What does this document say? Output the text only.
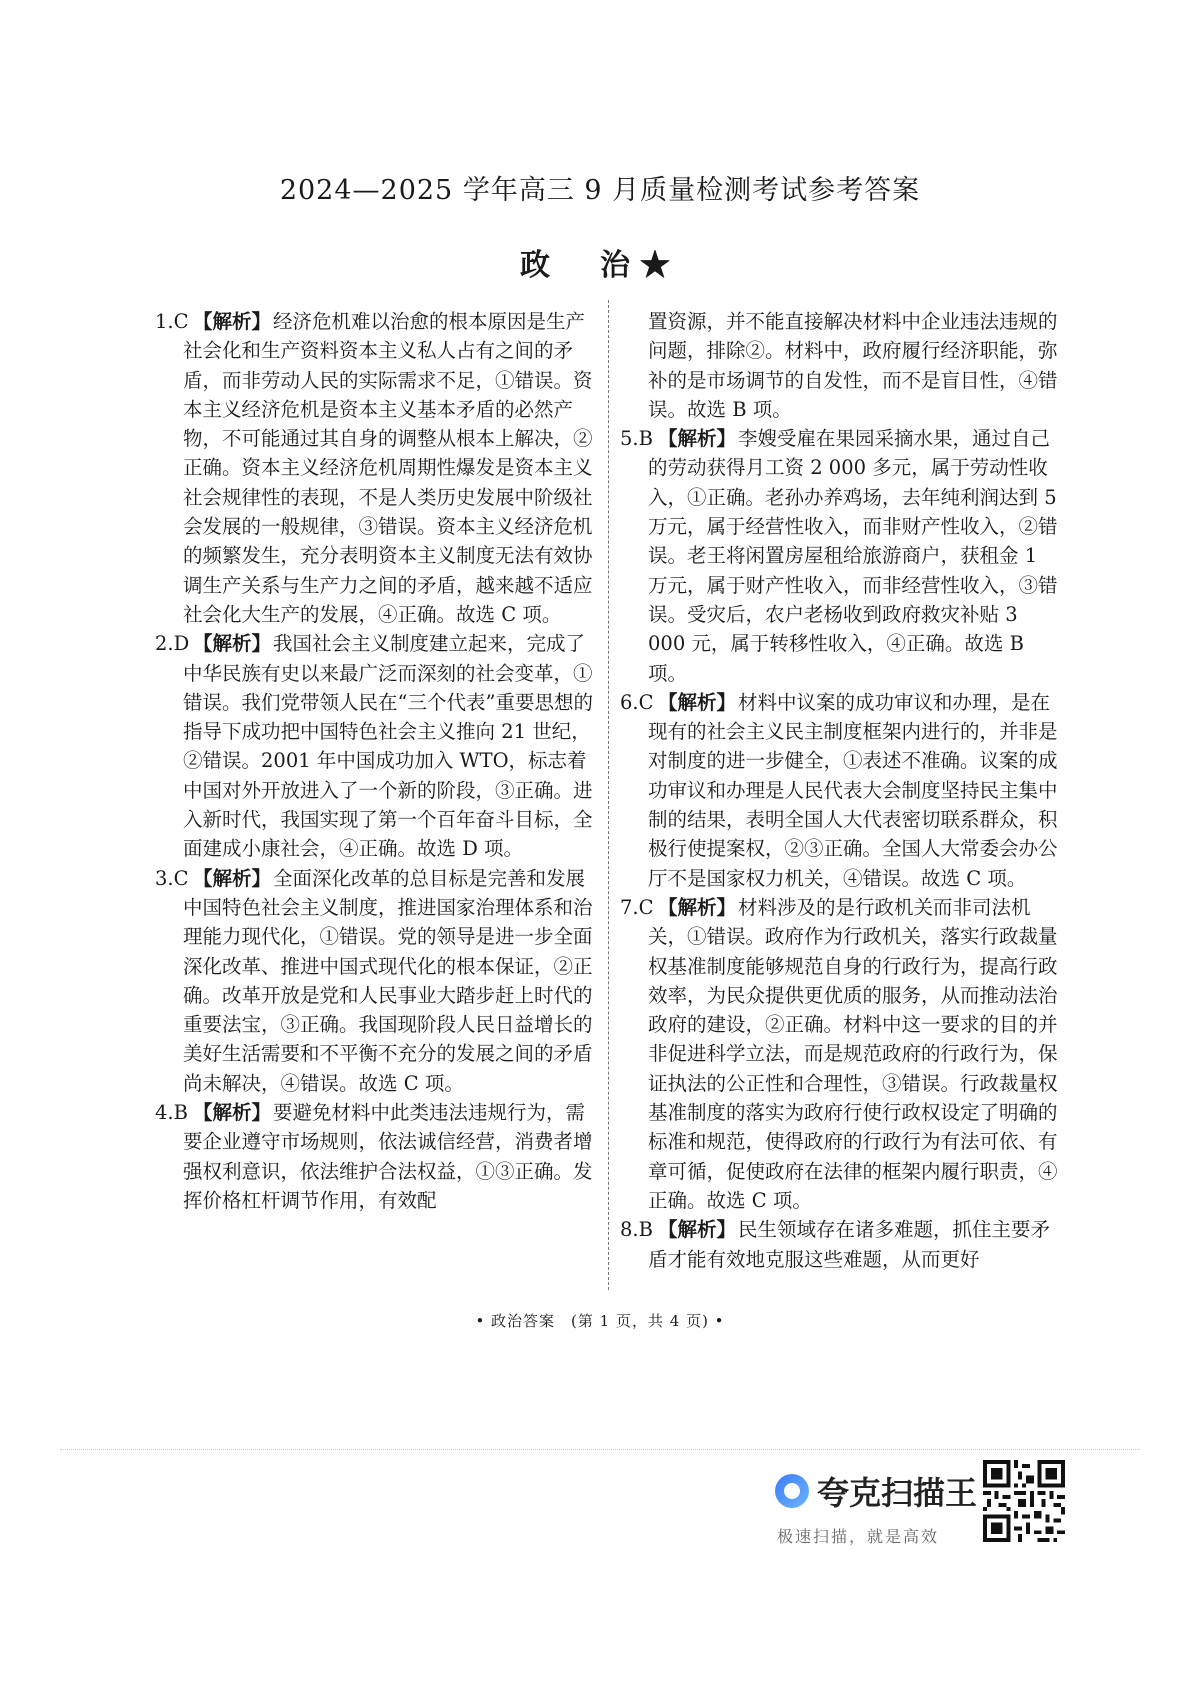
2024—2025 学年高三 9 月质量检测考试参考答案
政　治★

1.C 【解析】 经济危机难以治愈的根本原因是生产社会化和生产资料资本主义私人占有之间的矛盾，而非劳动人民的实际需求不足，①错误。资本主义经济危机是资本主义基本矛盾的必然产物，不可能通过其自身的调整从根本上解决，②正确。资本主义经济危机周期性爆发是资本主义社会规律性的表现，不是人类历史发展中阶级社会发展的一般规律，③错误。资本主义经济危机的频繁发生，充分表明资本主义制度无法有效协调生产关系与生产力之间的矛盾，越来越不适应社会化大生产的发展，④正确。故选 C 项。

2.D 【解析】 我国社会主义制度建立起来，完成了中华民族有史以来最广泛而深刻的社会变革，①错误。我们党带领人民在“三个代表”重要思想的指导下成功把中国特色社会主义推向 21 世纪，②错误。2001 年中国成功加入 WTO，标志着中国对外开放进入了一个新的阶段，③正确。进入新时代，我国实现了第一个百年奋斗目标，全面建成小康社会，④正确。故选 D 项。

3.C 【解析】 全面深化改革的总目标是完善和发展中国特色社会主义制度，推进国家治理体系和治理能力现代化，①错误。党的领导是进一步全面深化改革、推进中国式现代化的根本保证，②正确。改革开放是党和人民事业大踏步赶上时代的重要法宝，③正确。我国现阶段人民日益增长的美好生活需要和不平衡不充分的发展之间的矛盾尚未解决，④错误。故选 C 项。

4.B 【解析】 要避免材料中此类违法违规行为，需要企业遵守市场规则，依法诚信经营，消费者增强权利意识，依法维护合法权益，①③正确。发挥价格杠杆调节作用，有效配

置资源，并不能直接解决材料中企业违法违规的问题，排除②。材料中，政府履行经济职能，弥补的是市场调节的自发性，而不是盲目性，④错误。故选 B 项。

5.B 【解析】 李嫂受雇在果园采摘水果，通过自己的劳动获得月工资 2 000 多元，属于劳动性收入，①正确。老孙办养鸡场，去年纯利润达到 5 万元，属于经营性收入，而非财产性收入，②错误。老王将闲置房屋租给旅游商户，获租金 1 万元，属于财产性收入，而非经营性收入，③错误。受灾后，农户老杨收到政府救灾补贴 3 000 元，属于转移性收入，④正确。故选 B 项。

6.C 【解析】 材料中议案的成功审议和办理，是在现有的社会主义民主制度框架内进行的，并非是对制度的进一步健全，①表述不准确。议案的成功审议和办理是人民代表大会制度坚持民主集中制的结果，表明全国人大代表密切联系群众，积极行使提案权，②③正确。全国人大常委会办公厅不是国家权力机关，④错误。故选 C 项。

7.C 【解析】 材料涉及的是行政机关而非司法机关，①错误。政府作为行政机关，落实行政裁量权基准制度能够规范自身的行政行为，提高行政效率，为民众提供更优质的服务，从而推动法治政府的建设，②正确。材料中这一要求的目的并非促进科学立法，而是规范政府的行政行为，保证执法的公正性和合理性，③错误。行政裁量权基准制度的落实为政府行使行政权设定了明确的标准和规范，使得政府的行政行为有法可依、有章可循，促使政府在法律的框架内履行职责，④正确。故选 C 项。

8.B 【解析】 民生领域存在诸多难题，抓住主要矛盾才能有效地克服这些难题，从而更好

• 政治答案　(第 1 页，共 4 页) •
夸克扫描王
极速扫描，就是高效
